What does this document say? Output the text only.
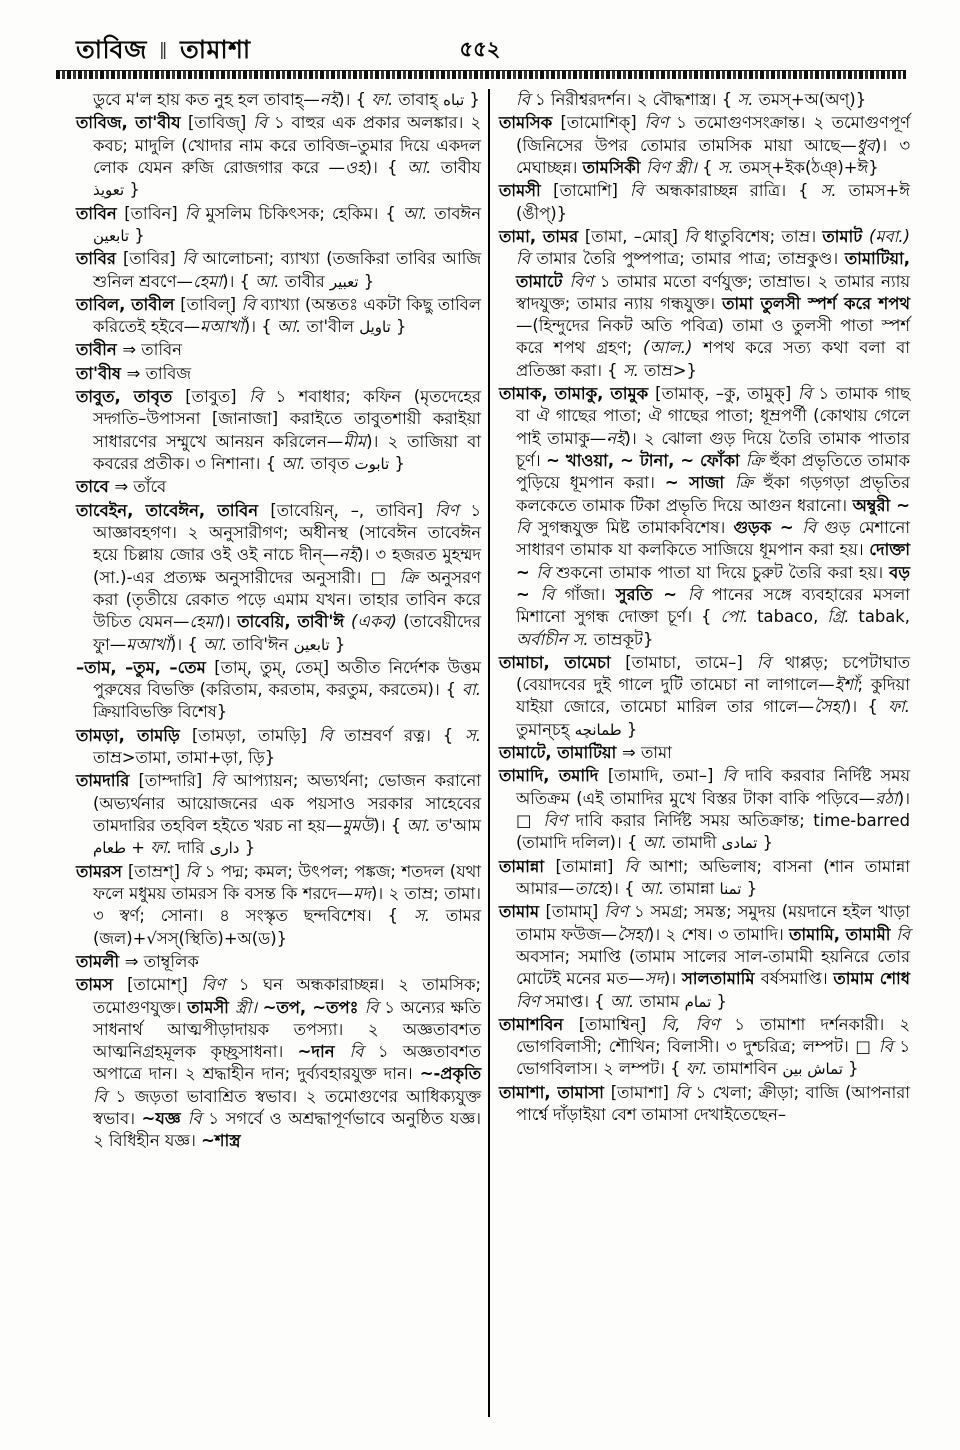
তাবিজ ‖ তামাশা	৫৫২

ডুবে ম'ল হায় কত নুহ হল তাবাহ্—নই)। { ফা. তাবাহ্ تباه }

তাবিজ, তা'বীয [তাবিজ্] বি ১ বাহুর এক প্রকার অলঙ্কার। ২ কবচ; মাদুলি (খোদার নাম করে তাবিজ–তুমার দিয়ে একদল লোক যেমন রুজি রোজগার করে —ওহ)। { আ. তাবীয تعويذ }

তাবিন [তাবিন] বি মুসলিম চিকিৎসক; হেকিম। { আ. তাবঈন تابعين }

তাবির [তাবির] বি আলোচনা; ব্যাখ্যা (তজকিরা তাবির আজি শুনিল শ্রবণে—হেমা)। { আ. তাবীর تعبير }

তাবিল, তাবীল [তাবিল্] বি ব্যাখ্যা (অন্ততঃ একটা কিছু তাবিল করিতেই হইবে—মআখাঁ)। { আ. তা'বীল تاويل }

তাবীন ⇒ তাবিন

তা'বীষ ⇒ তাবিজ

তাবুত, তাবৃত [তাবুত] বি ১ শবাধার; কফিন (মৃতদেহের সদ্গতি–উপাসনা [জানাজা] করাইতে তাবুতশায়ী করাইয়া সাধারণের সম্মুখে আনয়ন করিলেন—মীম)। ২ তাজিয়া বা কবরের প্রতীক। ৩ নিশানা। { আ. তাবৃত تابوت }

তাবে ⇒ তাঁবে

তাবেইন, তাবেঈন, তাবিন [তাবেয়িন্, –, তাবিন] বিণ ১ আজ্ঞাবহগণ। ২ অনুসারীগণ; অধীনস্থ (সাবেঈন তাবেঈন হয়ে চিল্লায় জোর ওই ওই নাচে দীন্—নই)। ৩ হজরত মুহম্মদ (সা.)-এর প্রত্যক্ষ অনুসারীদের অনুসারী। □ ক্রি অনুসরণ করা (তৃতীয়ে রেকাত পড়ে এমাম যখন। তাহার তাবিন করে উচিত যেমন—হেমা)। তাবেয়ি, তাবী'ঈ (একব) (তাবেয়ীদের ফুা—মআখাঁ)। { আ. তাবি'ঈন تابعين }

–তাম, –তুম, –তেম [তাম্, তুম্, তেম্] অতীত নির্দেশক উত্তম পুরুষের বিভক্তি (করিতাম, করতাম, করতুম, করতেম)। { বা. ক্রিয়াবিভক্তি বিশেষ}

তামড়া, তামড়ি [তামড়া, তামড়ি] বি তাম্রবর্ণ রত্ন। { স. তাম্র>তামা, তামা+ড়া, ড়ি}

তামদারি [তাম্দারি] বি আপ্যায়ন; অভ্যর্থনা; ভোজন করানো (অভ্যর্থনার আয়োজনের এক পয়সাও সরকার সাহেবের তামদারির তহবিল হইতে খরচ না হয়—মুমউ)। { আ. ত'আম طعام + ফা. দারি داری }

তামরস [তাম্রশ্] বি ১ পদ্ম; কমল; উৎপল; পঙ্কজ; শতদল (যথা ফলে মধুময় তামরস কি বসন্ত কি শরদে—মদ)। ২ তাম্র; তামা। ৩ স্বর্ণ; সোনা। ৪ সংস্কৃত ছন্দবিশেষ। { স. তামর (জল)+√সস্(স্থিতি)+অ(ড)}

তামলী ⇒ তাম্বূলিক

তামস [তামোশ্] বিণ ১ ঘন অন্ধকারাচ্ছন্ন। ২ তামসিক; তমোগুণযুক্ত। তামসী স্ত্রী। ~তপ, ~তপঃ বি ১ অন্যের ক্ষতি সাধনার্থ আত্মপীড়াদায়ক তপস্যা। ২ অজ্ঞতাবশত আত্মনিগ্রহমূলক কৃচ্ছ্রসাধনা। ~দান বি ১ অজ্ঞতাবশত অপাত্রে দান। ২ শ্রদ্ধাহীন দান; দুর্ব্যবহারযুক্ত দান। ~-প্রকৃতি বি ১ জড়তা ভাবাশ্রিত স্বভাব। ২ তমোগুণের আধিক্যযুক্ত স্বভাব। ~যজ্ঞ বি ১ সগর্বে ও অশ্রদ্ধাপূর্ণভাবে অনুষ্ঠিত যজ্ঞ। ২ বিধিহীন যজ্ঞ। ~শাস্ত্র

বি ১ নিরীশ্বরদর্শন। ২ বৌদ্ধশাস্ত্র। { স. তমস্+অ(অণ্)}

তামসিক [তামোশিক্] বিণ ১ তমোগুণসংক্রান্ত। ২ তমোগুণপূর্ণ (জিনিসের উপর তোমার তামসিক মায়া আছে—ধুব)। ৩ মেঘাচ্ছন্ন। তামসিকী বিণ স্ত্রী। { স. তমস্+ইক(ঠঞ্)+ঈ}

তামসী [তামোশি] বি অন্ধকারাচ্ছন্ন রাত্রি। { স. তামস+ঈ (ঙীপ্)}

তামা, তামর [তামা, –মোর্] বি ধাতুবিশেষ; তাম্র। তামাট (মবা.) বি তামার তৈরি পুষ্পপাত্র; তামার পাত্র; তাম্রকুণ্ড। তামাটিয়া, তামাটে বিণ ১ তামার মতো বর্ণযুক্ত; তাম্রাভ। ২ তামার ন্যায় স্বাদযুক্ত; তামার ন্যায় গন্ধযুক্ত। তামা তুলসী স্পর্শ করে শপথ—(হিন্দুদের নিকট অতি পবিত্র) তামা ও তুলসী পাতা স্পর্শ করে শপথ গ্রহণ; (আল.) শপথ করে সত্য কথা বলা বা প্রতিজ্ঞা করা। { স. তাম্র>}

তামাক, তামাকু, তামুক [তামাক্, –কু, তামুক্] বি ১ তামাক গাছ বা ঐ গাছের পাতা; ঐ গাছের পাতা; ধূম্রপর্ণী (কোথায় গেলে পাই তামাকু—নই)। ২ ঝোলা গুড় দিয়ে তৈরি তামাক পাতার চূর্ণ। ~ খাওয়া, ~ টানা, ~ ফোঁকা ক্রি হুঁকা প্রভৃতিতে তামাক পুড়িয়ে ধূমপান করা। ~ সাজা ক্রি হুঁকা গড়গড়া প্রভৃতির কলকেতে তামাক টিকা প্রভৃতি দিয়ে আগুন ধরানো। অম্বুরী ~ বি সুগন্ধযুক্ত মিষ্ট তামাকবিশেষ। গুড়ক ~ বি গুড় মেশানো সাধারণ তামাক যা কলকিতে সাজিয়ে ধূমপান করা হয়। দোক্তা ~ বি শুকনো তামাক পাতা যা দিয়ে চুরুট তৈরি করা হয়। বড় ~ বি গাঁজা। সুরতি ~ বি পানের সঙ্গে ব্যবহারের মসলা মিশানো সুগন্ধ দোক্তা চূর্ণ। { পো. tabaco, গ্রি. tabak, অর্বাচীন স. তাম্রকূট}

তামাচা, তামেচা [তামাচা, তামে–] বি থাপ্পড়; চপেটাঘাত (বেয়াদবের দুই গালে দুটি তামেচা না লাগালে—ইশাঁ; কুদিয়া যাইয়া জোরে, তামেচা মারিল তার গালে—সৈহা)। { ফা. তুমান্চহ্ طمانچه }

তামাটে, তামাটিয়া ⇒ তামা

তামাদি, তমাদি [তামাদি, তমা–] বি দাবি করবার নির্দিষ্ট সময় অতিক্রম (এই তামাদির মুখে বিস্তর টাকা বাকি পড়িবে—রঠা)। □ বিণ দাবি করার নির্দিষ্ট সময় অতিক্রান্ত; time-barred (তামাদি দলিল)। { আ. তামাদী تمادى }

তামান্না [তামান্না] বি আশা; অভিলাষ; বাসনা (শান তামান্না আমার—তাহে)। { আ. তামান্না تمنا }

তামাম [তামাম্] বিণ ১ সমগ্র; সমস্ত; সমুদয় (ময়দানে হইল খাড়া তামাম ফউজ—সৈহা)। ২ শেষ। ৩ তামাদি। তামামি, তামামী বি অবসান; সমাপ্তি (তামাম সালের সাল-তামামী হয়নিরে তোর মোটেই মনের মত—সদ)। সালতামামি বর্ষসমাপ্তি। তামাম শোধ বিণ সমাপ্ত। { আ. তামাম تمام }

তামাশবিন [তামাশ্বিন্] বি, বিণ ১ তামাশা দর্শনকারী। ২ ভোগবিলাসী; শৌখিন; বিলাসী। ৩ দুশ্চরিত্র; লম্পট। □ বি ১ ভোগবিলাস। ২ লম্পট। { ফা. তামাশবিন تماش بين }

তামাশা, তামাসা [তামাশা] বি ১ খেলা; ক্রীড়া; বাজি (আপনারা পার্শ্বে দাঁড়াইয়া বেশ তামাসা দেখাইতেছেন–
